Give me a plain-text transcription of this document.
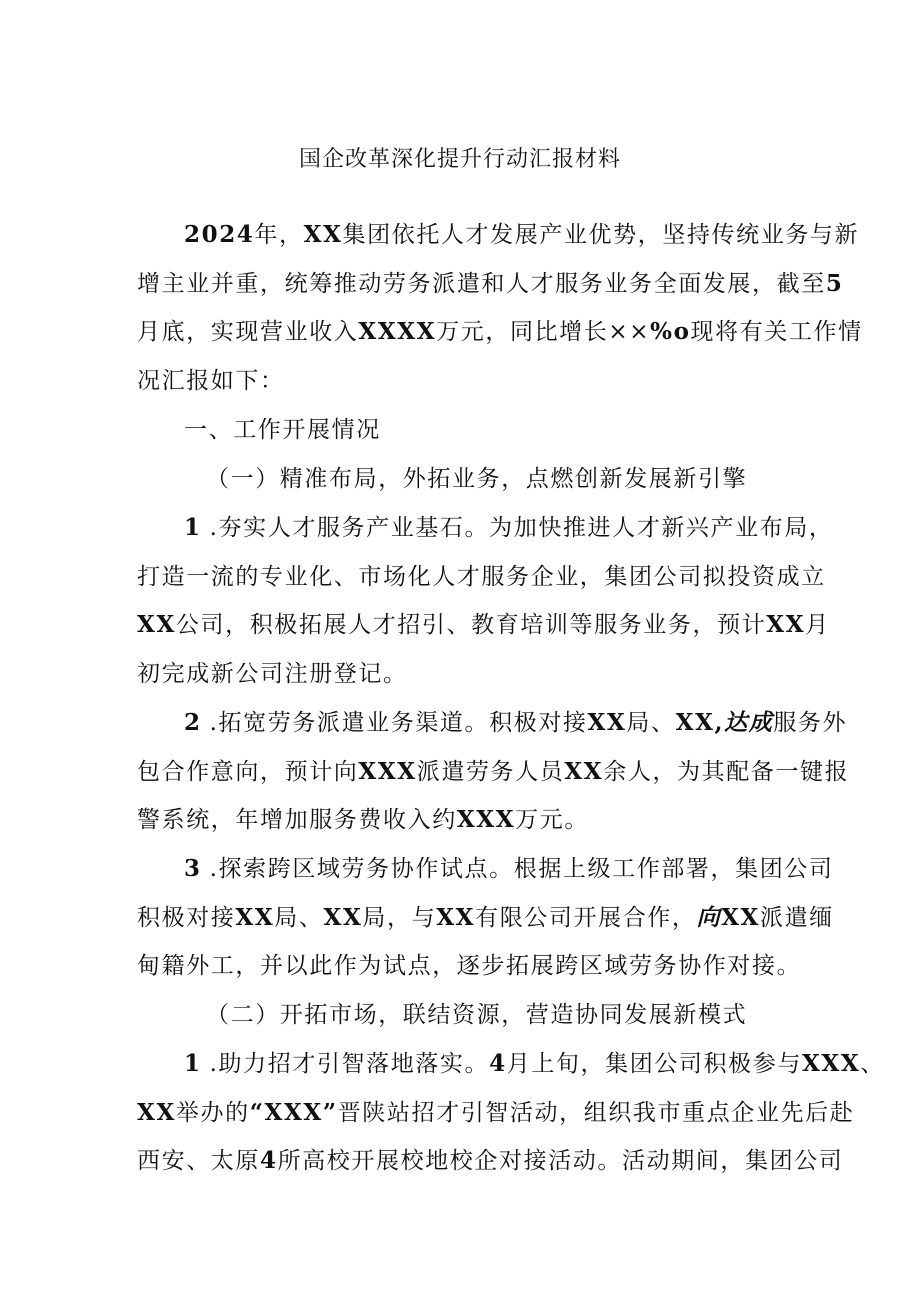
国企改革深化提升行动汇报材料
2024年，XX集团依托人才发展产业优势，坚持传统业务与新
增主业并重，统筹推动劳务派遣和人才服务业务全面发展，截至5
月底，实现营业收入XXXX万元，同比增长××%o现将有关工作情
况汇报如下：
一、工作开展情况
（一）精准布局，外拓业务，点燃创新发展新引擎
1 .夯实人才服务产业基石。为加快推进人才新兴产业布局，
打造一流的专业化、市场化人才服务企业，集团公司拟投资成立
XX公司，积极拓展人才招引、教育培训等服务业务，预计XX月
初完成新公司注册登记。
2 .拓宽劳务派遣业务渠道。积极对接XX局、XX,达成服务外
包合作意向，预计向XXX派遣劳务人员XX余人，为其配备一键报
警系统，年增加服务费收入约XXX万元。
3 .探索跨区域劳务协作试点。根据上级工作部署，集团公司
积极对接XX局、XX局，与XX有限公司开展合作，向XX派遣缅
甸籍外工，并以此作为试点，逐步拓展跨区域劳务协作对接。
（二）开拓市场，联结资源，营造协同发展新模式
1 .助力招才引智落地落实。4月上旬，集团公司积极参与XXX、
XX举办的“XXX”晋陕站招才引智活动，组织我市重点企业先后赴
西安、太原4所高校开展校地校企对接活动。活动期间，集团公司
